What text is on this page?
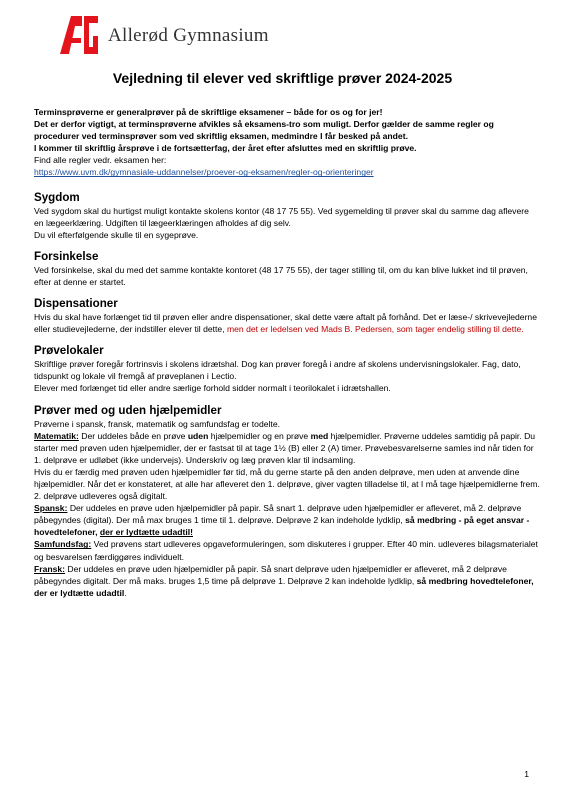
Allerød Gymnasium
Vejledning til elever ved skriftlige prøver 2024-2025

Terminsprøverne er generalprøver på de skriftlige eksamener – både for os og for jer!

Det er derfor vigtigt, at terminsprøverne afvikles så eksamens-tro som muligt. Derfor gælder de samme regler og procedurer ved terminsprøver som ved skriftlig eksamen, medmindre I får besked på andet.

I kommer til skriftlig årsprøve i de fortsætterfag, der året efter afsluttes med en skriftlig prøve.

Find alle regler vedr. eksamen her:

https://www.uvm.dk/gymnasiale-uddannelser/proever-og-eksamen/regler-og-orienteringer

Sygdom

Ved sygdom skal du hurtigst muligt kontakte skolens kontor (48 17 75 55). Ved sygemelding til prøver skal du samme dag aflevere en lægeerklæring. Udgiften til lægeerklæringen afholdes af dig selv.

Du vil efterfølgende skulle til en sygeprøve.

Forsinkelse

Ved forsinkelse, skal du med det samme kontakte kontoret (48 17 75 55), der tager stilling til, om du kan blive lukket ind til prøven, efter at denne er startet.

Dispensationer

Hvis du skal have forlænget tid til prøven eller andre dispensationer, skal dette være aftalt på forhånd. Det er læse-/ skrivevejlederne eller studievejlederne, der indstiller elever til dette, men det er ledelsen ved Mads B. Pedersen, som tager endelig stilling til dette.

Prøvelokaler

Skriftlige prøver foregår fortrinsvis i skolens idrætshal. Dog kan prøver foregå i andre af skolens undervisningslokaler. Fag, dato, tidspunkt og lokale vil fremgå af prøveplanen i Lectio.

Elever med forlænget tid eller andre særlige forhold sidder normalt i teorilokalet i idrætshallen.

Prøver med og uden hjælpemidler

Prøverne i spansk, fransk, matematik og samfundsfag er todelte.

Matematik: Der uddeles både en prøve uden hjælpemidler og en prøve med hjælpemidler. Prøverne uddeles samtidig på papir. Du starter med prøven uden hjælpemidler, der er fastsat til at tage 1½ (B) eller 2 (A) timer. Prøvebesvarelserne samles ind når tiden for 1. delprøve er udløbet (ikke undervejs). Underskriv og læg prøven klar til indsamling.

Hvis du er færdig med prøven uden hjælpemidler før tid, må du gerne starte på den anden delprøve, men uden at anvende dine hjælpemidler. Når det er konstateret, at alle har afleveret den 1. delprøve, giver vagten tilladelse til, at I må tage hjælpemidlerne frem. 2. delprøve udleveres også digitalt.

Spansk: Der uddeles en prøve uden hjælpemidler på papir. Så snart 1. delprøve uden hjælpemidler er afleveret, må 2. delprøve påbegyndes (digital). Der må max bruges 1 time til 1. delprøve. Delprøve 2 kan indeholde lydklip, så medbring - på eget ansvar - hovedtelefoner, der er lydtætte udadtil!

Samfundsfag: Ved prøvens start udleveres opgaveformuleringen, som diskuteres i grupper. Efter 40 min. udleveres bilagsmaterialet og besvarelsen færdiggøres individuelt.

Fransk: Der uddeles en prøve uden hjælpemidler på papir. Så snart delprøve uden hjælpemidler er afleveret, må 2 delprøve påbegyndes digitalt. Der må maks. bruges 1,5 time på delprøve 1. Delprøve 2 kan indeholde lydklip, så medbring hovedtelefoner, der er lydtætte udadtil.

1
